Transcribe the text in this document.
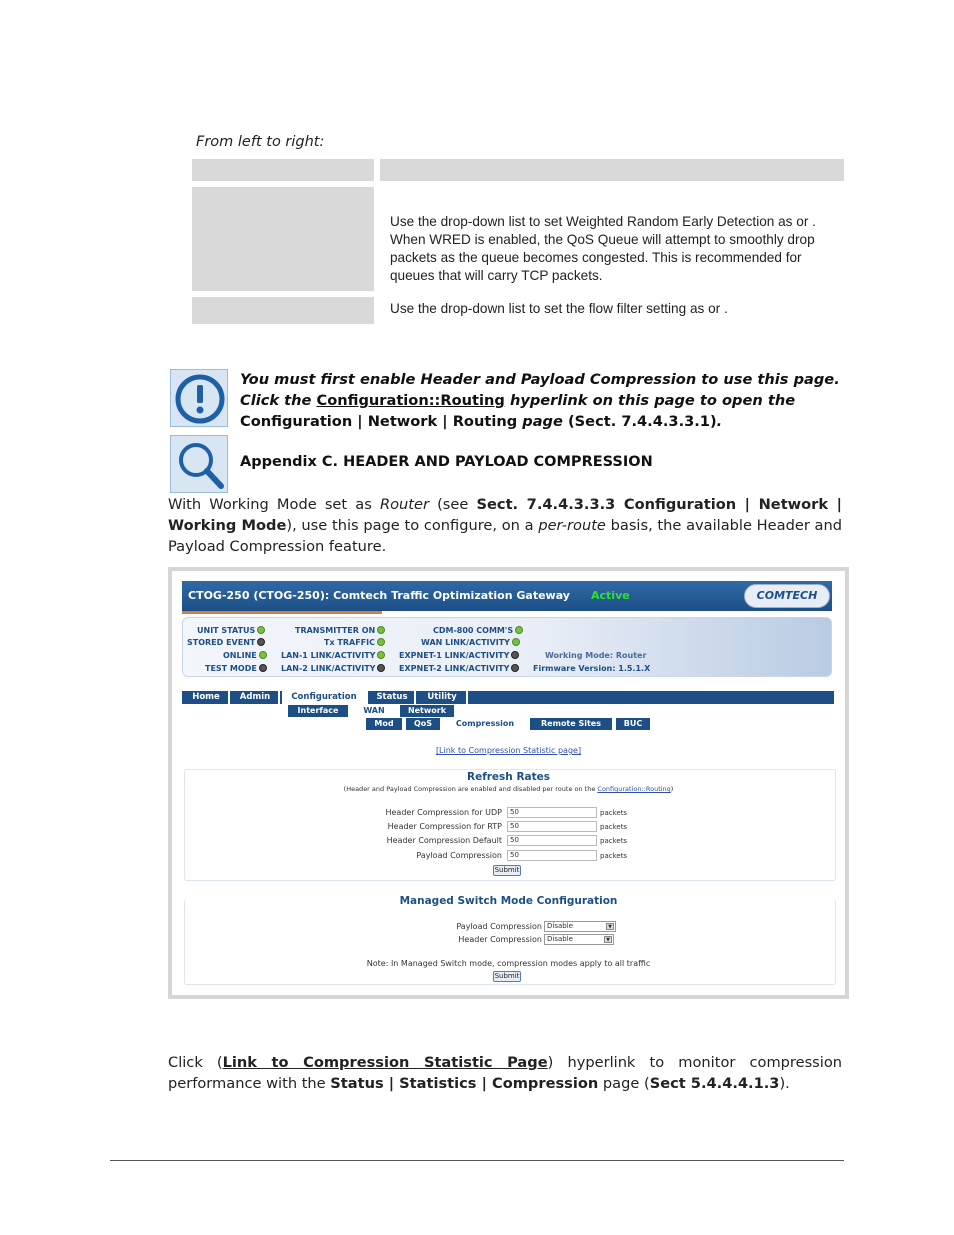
From left to right:

	Use the drop-down list to set Weighted Random Early Detection as or . When WRED is enabled, the QoS Queue will attempt to smoothly drop packets as the queue becomes congested. This is recommended for queues that will carry TCP packets.
	Use the drop-down list to set the flow filter setting as or .
You must first enable Header and Payload Compression to use this page. Click the Configuration::Routing hyperlink on this page to open the Configuration | Network | Routing page (Sect. 7.4.4.3.3.1).
Appendix C. HEADER AND PAYLOAD COMPRESSION
With Working Mode set as Router (see Sect. 7.4.4.3.3.3 Configuration | Network | Working Mode), use this page to configure, on a per-route basis, the available Header and Payload Compression feature.
CTOG-250 (CTOG-250): Comtech Traffic Optimization Gateway Active	COMTECH
UNIT STATUS
STORED EVENT
ONLINE
TEST MODE
TRANSMITTER ON
Tx TRAFFIC
LAN-1 LINK/ACTIVITY
LAN-2 LINK/ACTIVITY
CDM-800 COMM'S
WAN LINK/ACTIVITY
EXPNET-1 LINK/ACTIVITY
EXPNET-2 LINK/ACTIVITY
Working Mode: Router
Firmware Version: 1.5.1.X
Home	Admin	Configuration	Status	Utility
Interface	WAN	Network
Mod	QoS	Compression	Remote Sites	BUC
[Link to Compression Statistic page]
Refresh Rates
(Header and Payload Compression are enabled and disabled per route on the Configuration::Routing)
Header Compression for UDP	50	packets
Header Compression for RTP	50	packets
Header Compression Default	50	packets
Payload Compression	50	packets
Submit
Managed Switch Mode Configuration
Payload Compression Disable	▼
Header Compression Disable	▼
Note: In Managed Switch mode, compression modes apply to all traffic
Submit
Click (Link to Compression Statistic Page) hyperlink to monitor compression performance with the Status | Statistics | Compression page (Sect 5.4.4.4.1.3).
